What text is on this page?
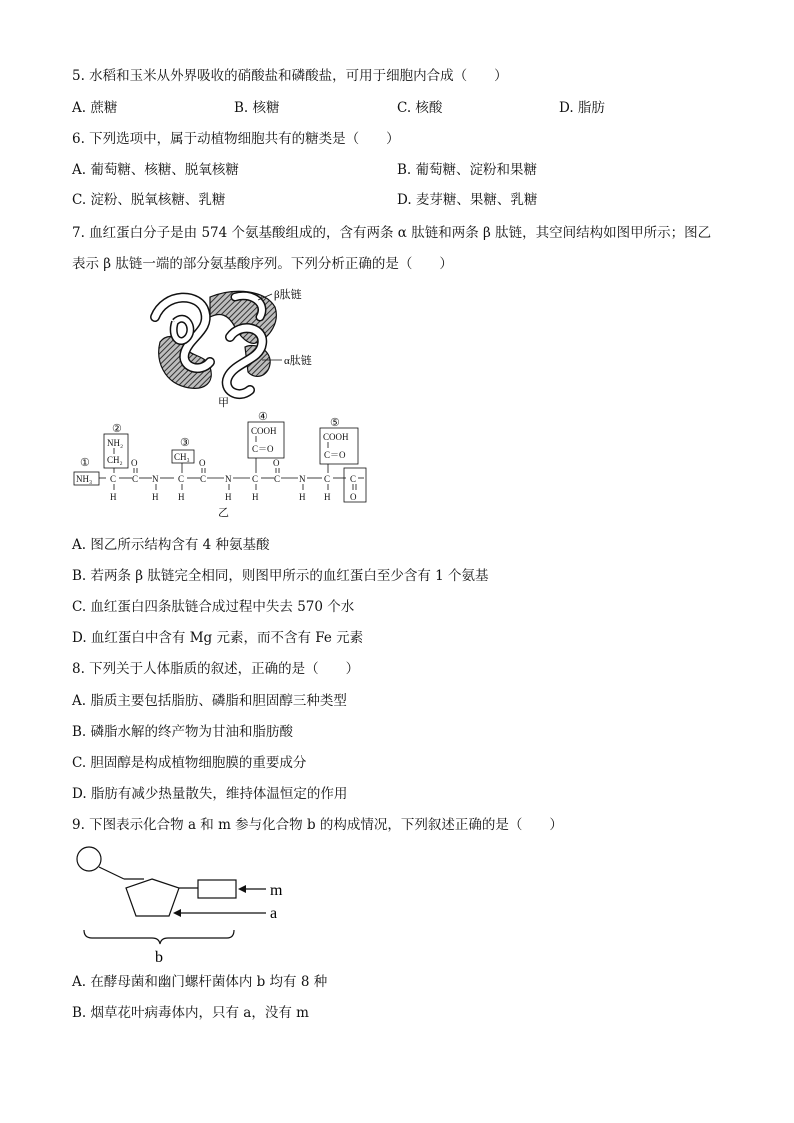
5. 水稻和玉米从外界吸收的硝酸盐和磷酸盐，可用于细胞内合成（　　）
A. 蔗糖	B. 核糖	C. 核酸	D. 脂肪
6. 下列选项中，属于动植物细胞共有的糖类是（　　）
A. 葡萄糖、核糖、脱氧核糖	B. 葡萄糖、淀粉和果糖
C. 淀粉、脱氧核糖、乳糖	D. 麦芽糖、果糖、乳糖
7. 血红蛋白分子是由 574 个氨基酸组成的，含有两条 α 肽链和两条 β 肽链，其空间结构如图甲所示；图乙
表示 β 肽链一端的部分氨基酸序列。下列分析正确的是（　　）
β肽链
α肽链
甲
①
②
③
④	⑤
NH₃
NH₂
CH₂
C
H
C
O
N
H
CH₃
C
H
C
O
N
H
COOH
C＝O
C
H
C
O
N
H
COOH
C＝O
C
H
C
O
乙
A. 图乙所示结构含有 4 种氨基酸
B. 若两条 β 肽链完全相同，则图甲所示的血红蛋白至少含有 1 个氨基
C. 血红蛋白四条肽链合成过程中失去 570 个水
D. 血红蛋白中含有 Mg 元素，而不含有 Fe 元素
8. 下列关于人体脂质的叙述，正确的是（　　）
A. 脂质主要包括脂肪、磷脂和胆固醇三种类型
B. 磷脂水解的终产物为甘油和脂肪酸
C. 胆固醇是构成植物细胞膜的重要成分
D. 脂肪有减少热量散失，维持体温恒定的作用
9. 下图表示化合物 a 和 m 参与化合物 b 的构成情况，下列叙述正确的是（　　）
m
a
b
A. 在酵母菌和幽门螺杆菌体内 b 均有 8 种
B. 烟草花叶病毒体内，只有 a，没有 m
